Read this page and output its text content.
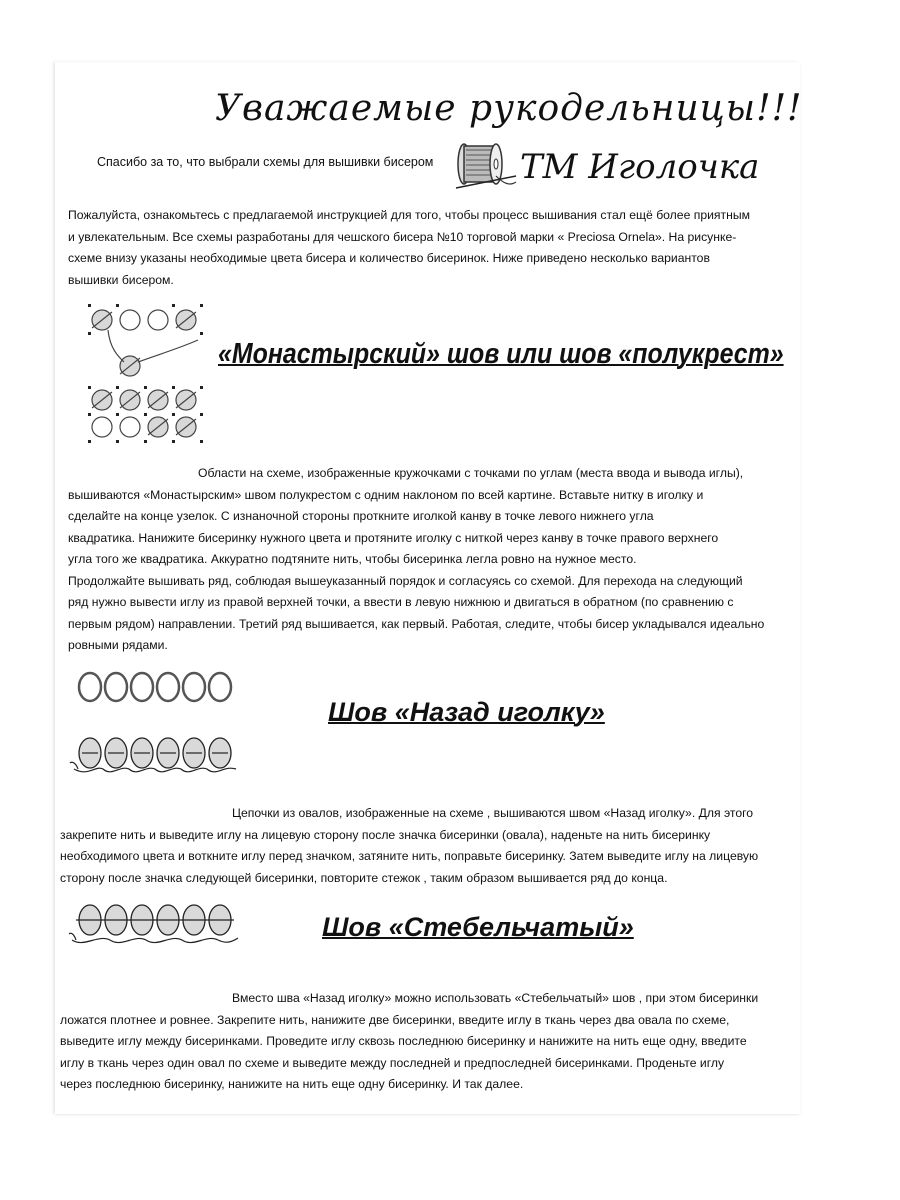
Уважаемые рукодельницы!!!
Спасибо за то, что выбрали схемы для вышивки бисером	ТМ Иголочка
Пожалуйста, ознакомьтесь с предлагаемой инструкцией для того, чтобы процесс вышивания стал ещё более приятным
и увлекательным. Все схемы разработаны для чешского бисера №10 торговой марки « Preciosa Ornela». На рисунке-
схеме внизу указаны необходимые цвета бисера и количество бисеринок. Ниже приведено несколько вариантов
вышивки бисером.
«Монастырский» шов или шов «полукрест»
Области на схеме, изображенные кружочками с точками по углам (места ввода и вывода иглы),
вышиваются «Монастырским» швом полукрестом с одним наклоном по всей картине. Вставьте нитку в иголку и
сделайте на конце узелок. С изнаночной стороны проткните иголкой канву в точке левого нижнего угла
квадратика. Нанижите бисеринку нужного цвета и протяните иголку с ниткой через канву в точке правого верхнего
угла того же квадратика. Аккуратно подтяните нить, чтобы бисеринка легла ровно на нужное место.
Продолжайте вышивать ряд, соблюдая вышеуказанный порядок и согласуясь со схемой. Для перехода на следующий
ряд нужно вывести иглу из правой верхней точки, а ввести в левую нижнюю и двигаться в обратном (по сравнению с
первым рядом) направлении. Третий ряд вышивается, как первый. Работая, следите, чтобы бисер укладывался идеально
ровными рядами.
Шов «Назад иголку»
Цепочки из овалов, изображенные на схеме , вышиваются швом «Назад иголку». Для этого
закрепите нить и выведите иглу на лицевую сторону после значка бисеринки (овала), наденьте на нить бисеринку
необходимого цвета и воткните иглу перед значком, затяните нить, поправьте бисеринку. Затем выведите иглу на лицевую
сторону после значка следующей бисеринки, повторите стежок , таким образом вышивается ряд до конца.
Шов «Стебельчатый»
Вместо шва «Назад иголку» можно использовать «Стебельчатый» шов , при этом бисеринки
ложатся плотнее и ровнее. Закрепите нить, нанижите две бисеринки, введите иглу в ткань через два овала по схеме,
выведите иглу между бисеринками. Проведите иглу сквозь последнюю бисеринку и нанижите на нить еще одну, введите
иглу в ткань через один овал по схеме и выведите между последней и предпоследней бисеринками. Проденьте иглу
через последнюю бисеринку, нанижите на нить еще одну бисеринку. И так далее.
